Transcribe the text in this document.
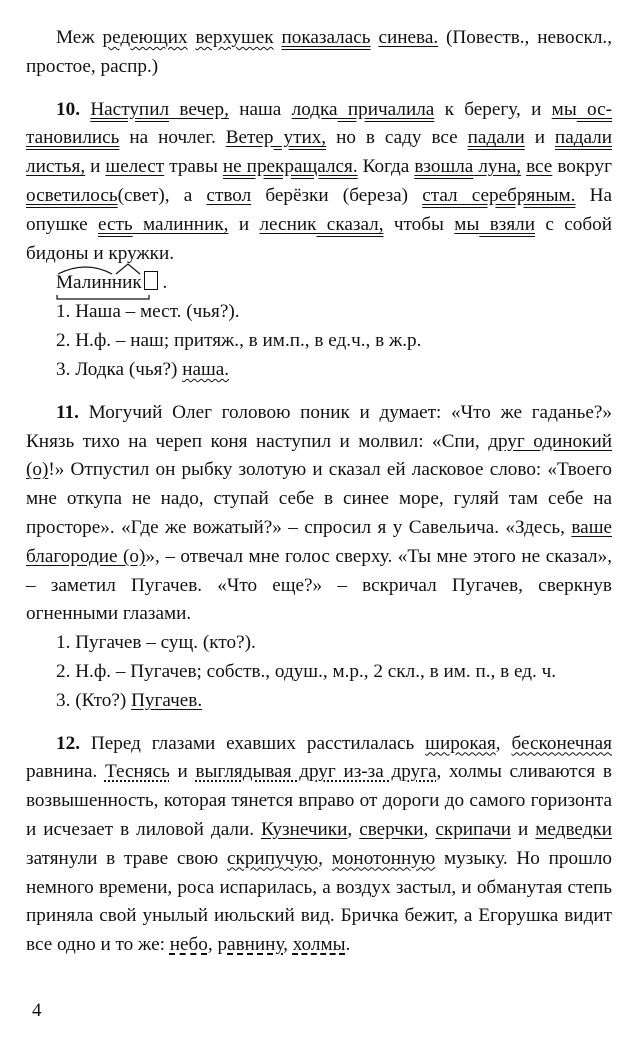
Меж редеющих верхушек показалась синева. (Повеств., невоскл., простое, распр.)

10. Наступил вечер, наша лодка причалила к берегу, и мы остановились на ночлег. Ветер утих, но в саду все падали и падали листья, и шелест травы не прекращался. Когда взошла луна, все вокруг осветилось(свет), а ствол берёзки (береза) стал серебряным. На опушке есть малинник, и лесник сказал, чтобы мы взяли с собой бидоны и кружки.

Малинник .
1. Наша – мест. (чья?).
2. Н.ф. – наш; притяж., в им.п., в ед.ч., в ж.р.
3. Лодка (чья?) наша.

11. Могучий Олег головою поник и думает: «Что же гаданье?» Князь тихо на череп коня наступил и молвил: «Спи, друг одинокий (о)!» Отпустил он рыбку золотую и сказал ей ласковое слово: «Твоего мне откупа не надо, ступай себе в синее море, гуляй там себе на просторе». «Где же вожатый?» – спросил я у Савельича. «Здесь, ваше благородие (о)», – отвечал мне голос сверху. «Ты мне этого не сказал», – заметил Пугачев. «Что еще?» – вскричал Пугачев, сверкнув огненными глазами.

1. Пугачев – сущ. (кто?).
2. Н.ф. – Пугачев; собств., одуш., м.р., 2 скл., в им. п., в ед. ч.
3. (Кто?) Пугачев.

12. Перед глазами ехавших расстилалась широкая, бесконечная равнина. Теснясь и выглядывая друг из-за друга, холмы сливаются в возвышенность, которая тянется вправо от дороги до самого горизонта и исчезает в лиловой дали. Кузнечики, сверчки, скрипачи и медведки затянули в траве свою скрипучую, монотонную музыку. Но прошло немного времени, роса испарилась, а воздух застыл, и обманутая степь приняла свой унылый июльский вид. Бричка бежит, а Егорушка видит все одно и то же: небо, равнину, холмы.

4
